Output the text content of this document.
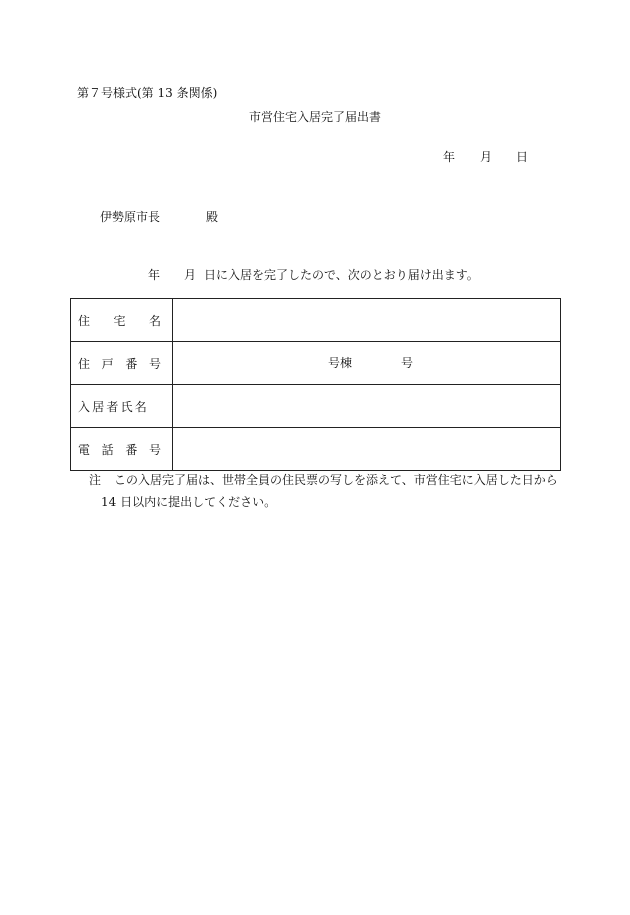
第７号様式(第 13 条関係)
市営住宅入居完了届出書
年 月 日
伊勢原市長	殿
年 月 日に入居を完了したので、次のとおり届け出ます。
住 宅 名	

住 戸 番 号	号棟 号

入居者氏名	

電 話 番 号	

注 この入居完了届は、世帯全員の住民票の写しを添えて、市営住宅に入居した日から
14 日以内に提出してください。
